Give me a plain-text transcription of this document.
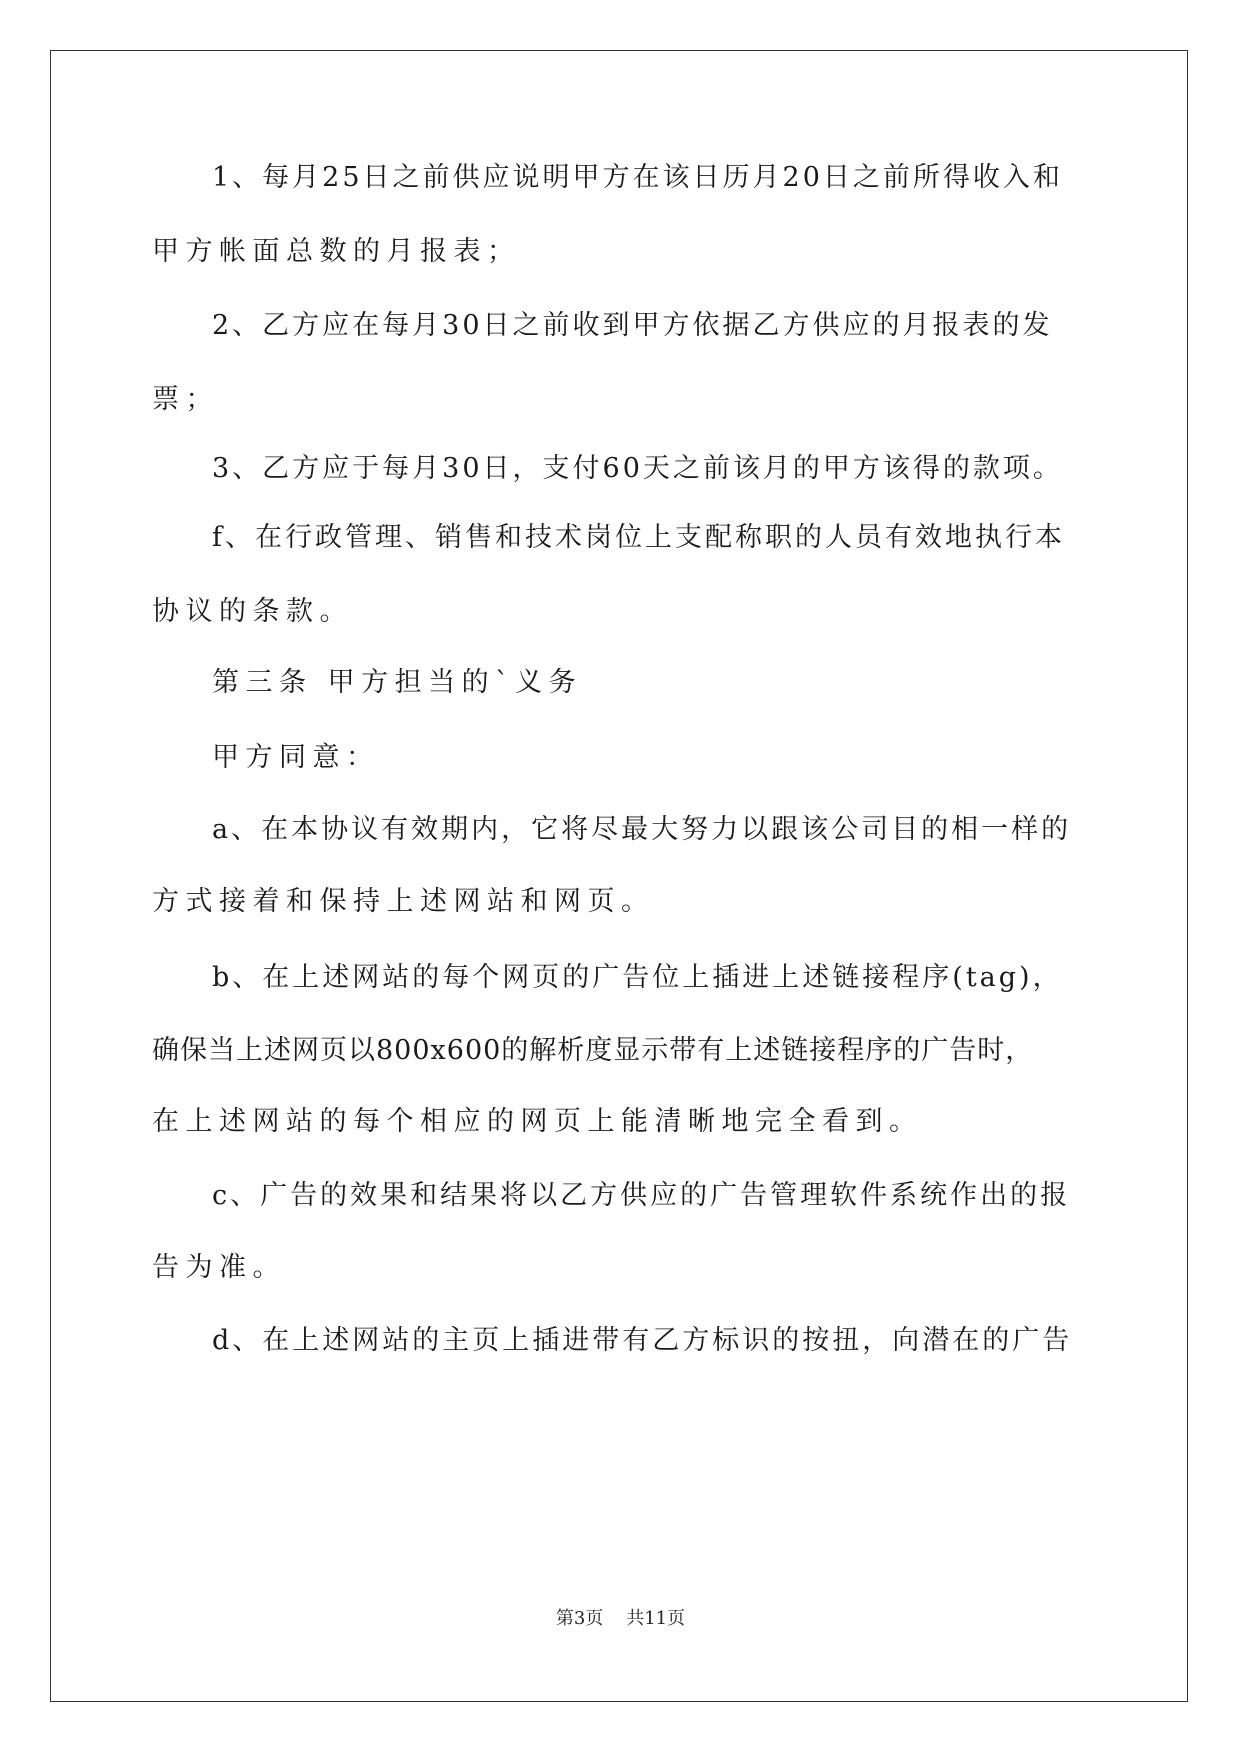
1、每月25日之前供应说明甲方在该日历月20日之前所得收入和
甲方帐面总数的月报表；
2、乙方应在每月30日之前收到甲方依据乙方供应的月报表的发
票；
3、乙方应于每月30日，支付60天之前该月的甲方该得的款项。
f、在行政管理、销售和技术岗位上支配称职的人员有效地执行本
协议的条款。
第三条 甲方担当的`义务
甲方同意：
a、在本协议有效期内，它将尽最大努力以跟该公司目的相一样的
方式接着和保持上述网站和网页。
b、在上述网站的每个网页的广告位上插进上述链接程序(tag)，
确保当上述网页以800x600的解析度显示带有上述链接程序的广告时，
在上述网站的每个相应的网页上能清晰地完全看到。
c、广告的效果和结果将以乙方供应的广告管理软件系统作出的报
告为准。
d、在上述网站的主页上插进带有乙方标识的按扭，向潜在的广告
第3页    共11页
